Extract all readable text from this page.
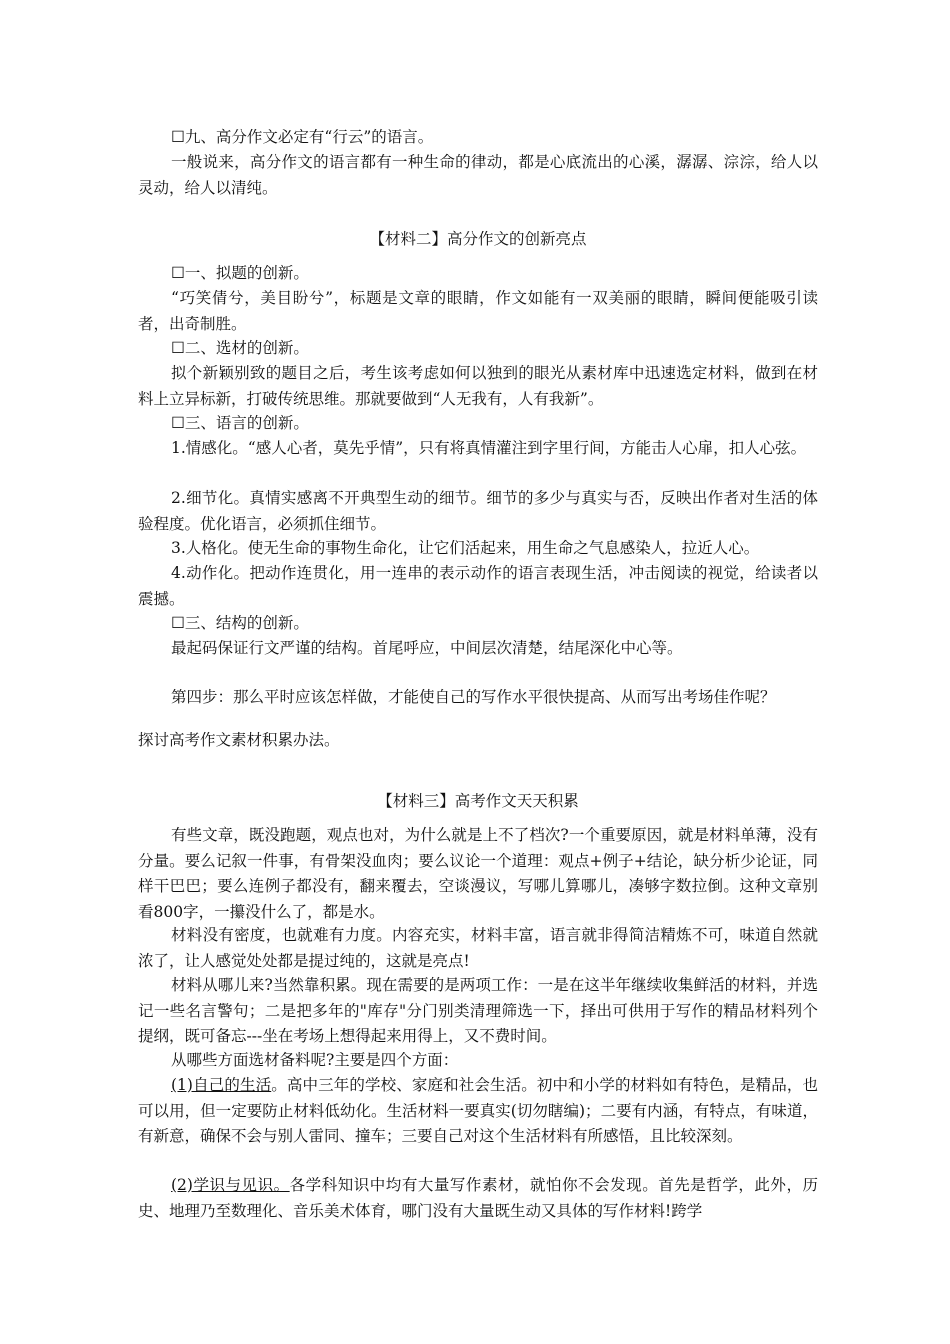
☐九、高分作文必定有“行云”的语言。

一般说来，高分作文的语言都有一种生命的律动，都是心底流出的心溪，潺潺、淙淙，给人以灵动，给人以清纯。

【材料二】高分作文的创新亮点

☐一、拟题的创新。

“巧笑倩兮，美目盼兮”，标题是文章的眼睛，作文如能有一双美丽的眼睛，瞬间便能吸引读者，出奇制胜。

☐二、选材的创新。

拟个新颖别致的题目之后，考生该考虑如何以独到的眼光从素材库中迅速选定材料，做到在材料上立异标新，打破传统思维。那就要做到“人无我有，人有我新”。

☐三、语言的创新。

1.情感化。“感人心者，莫先乎情”，只有将真情灌注到字里行间，方能击人心扉，扣人心弦。

2.细节化。真情实感离不开典型生动的细节。细节的多少与真实与否，反映出作者对生活的体验程度。优化语言，必须抓住细节。

3.人格化。使无生命的事物生命化，让它们活起来，用生命之气息感染人，拉近人心。

4.动作化。把动作连贯化，用一连串的表示动作的语言表现生活，冲击阅读的视觉，给读者以震撼。

☐三、结构的创新。

最起码保证行文严谨的结构。首尾呼应，中间层次清楚，结尾深化中心等。

第四步：那么平时应该怎样做，才能使自己的写作水平很快提高、从而写出考场佳作呢？

探讨高考作文素材积累办法。

【材料三】高考作文天天积累

有些文章，既没跑题，观点也对，为什么就是上不了档次?一个重要原因，就是材料单薄，没有分量。要么记叙一件事，有骨架没血肉；要么议论一个道理：观点+例子+结论，缺分析少论证，同样干巴巴；要么连例子都没有，翻来覆去，空谈漫议，写哪儿算哪儿，凑够字数拉倒。这种文章别看800字，一攥没什么了，都是水。

材料没有密度，也就难有力度。内容充实，材料丰富，语言就非得简洁精炼不可，味道自然就浓了，让人感觉处处都是提过纯的，这就是亮点!

材料从哪儿来?当然靠积累。现在需要的是两项工作：一是在这半年继续收集鲜活的材料，并选记一些名言警句；二是把多年的"库存"分门别类清理筛选一下，择出可供用于写作的精品材料列个提纲，既可备忘---坐在考场上想得起来用得上，又不费时间。

从哪些方面选材备料呢?主要是四个方面：

(1)自己的生活。高中三年的学校、家庭和社会生活。初中和小学的材料如有特色，是精品，也可以用，但一定要防止材料低幼化。生活材料一要真实(切勿瞎编)；二要有内涵，有特点，有味道，有新意，确保不会与别人雷同、撞车；三要自己对这个生活材料有所感悟，且比较深刻。

(2)学识与见识。各学科知识中均有大量写作素材，就怕你不会发现。首先是哲学，此外，历史、地理乃至数理化、音乐美术体育，哪门没有大量既生动又具体的写作材料!跨学
